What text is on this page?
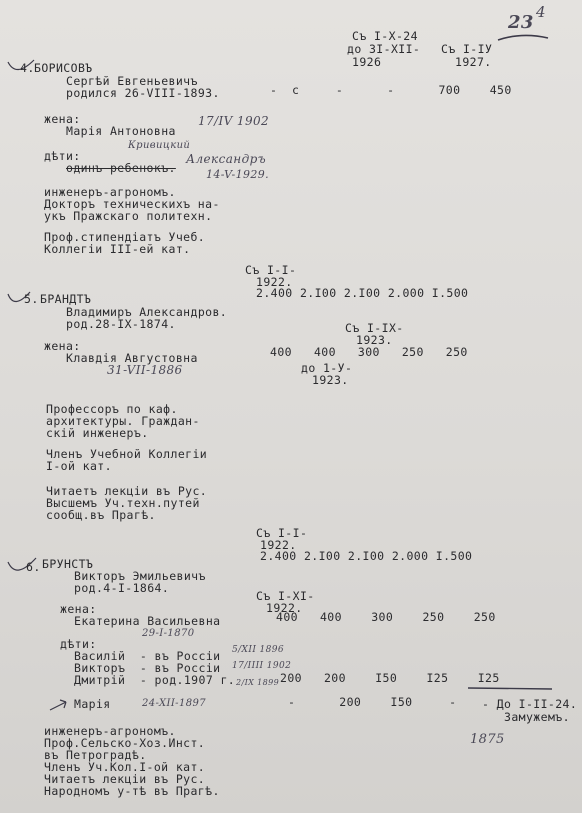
4
23
Съ I-X-24
до 3I-XII- Съ I-IУ
1926	1927.
4. БОРИСОВЪ
Сергѣй Евгеньевичъ
родился 26-VIII-1893.	-  с     -      -      700    450
жена:
Марія Антоновна
17/IV 1902
Кривицкий
дѣти:
одинъ ребенокъ.
Александръ
14-V-1929.
инженеръ-агрономъ.
Докторъ техническихъ на-
укъ Пражскаго политехн.
Проф.стипендіатъ Учеб.
Коллегіи III-ей кат.
Съ I-I-
1922.
2.400 2.I00 2.I00 2.000 I.500
5. БРАНДТЪ
Владимиръ Александров.
род.28-IX-1874.	Съ I-IX-
1923.
жена:
Клавдія Августовна	400   400   300   250   250
31-VII-1886	до 1-У-
1923.
Профессоръ по каф.
архитектуры. Граждан-
скій инженеръ.
Членъ Учебной Коллегіи
I-ой кат.
Читаетъ лекціи въ Рус.
Высшемъ Уч.техн.путей
сообщ.въ Прагѣ.
Съ I-I-
1922.
2.400 2.I00 2.I00 2.000 I.500
6. БРУНСТЪ
Викторъ Эмильевичъ
род.4-I-1864.
Съ I-XI-
1922.
жена:
Екатерина Васильевна	400   400    300    250    250
29-I-1870
дѣти:
Василій  - въ Россіи 5/XII 1896
Викторъ  - въ Россіи 17/IIII 1902
Дмитрій  - род.1907 г. 2/IX 1899 200   200    I50    I25    I25
Марія	24-XII-1897	-      200    I50     - - До I-II-24.
Замужемъ.
инженеръ-агрономъ.
Проф.Сельско-Хоз.Инст.
въ Петроградѣ.
1875
Членъ Уч.Кол.I-ой кат.
Читаетъ лекціи въ Рус.
Народномъ у-тѣ въ Прагѣ.
